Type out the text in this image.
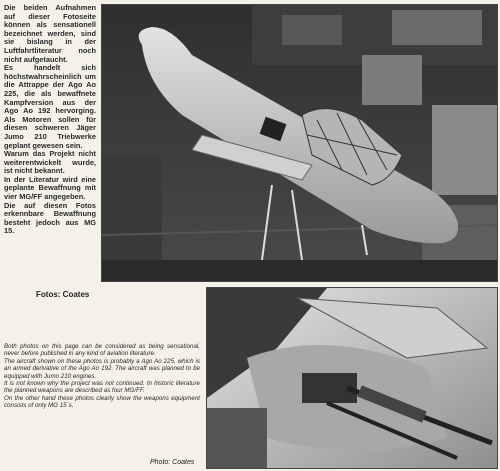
Die beiden Aufnahmen auf dieser Fotoseite können als sensationell bezeichnet werden, sind sie bislang in der Luftfahrtliteratur noch nicht aufgetaucht.

Es handelt sich höchstwahrscheinlich um die Attrappe der Ago Ao 225, die als bewaffnete Kampfversion aus der Ago Ao 192 hervorging. Als Motoren sollen für diesen schweren Jäger Jumo 210 Triebwerke geplant gewesen sein.

Warum das Projekt nicht weiterentwickelt wurde, ist nicht bekannt.

In der Literatur wird eine geplante Bewaffnung mit vier MG/FF angegeben.

Die auf diesen Fotos erkennbare Bewaffnung besteht jedoch aus MG 15.

Fotos: Coates

Both photos on this page can be considered as being sensational, never before published in any kind of aviation literature.

The aircraft shown on these photos is probably a Ago Ao 225, which is an armed derivative of the Ago Ao 192. The aircraft was planned to be equipped with Jumo 210 engines.

It is not known why the project was not continued. In historic literature the planned weapons are described as four MG/FF.

On the other hand these photos clearly show the weapons equipment consists of only MG 15´s.

Photo: Coates
